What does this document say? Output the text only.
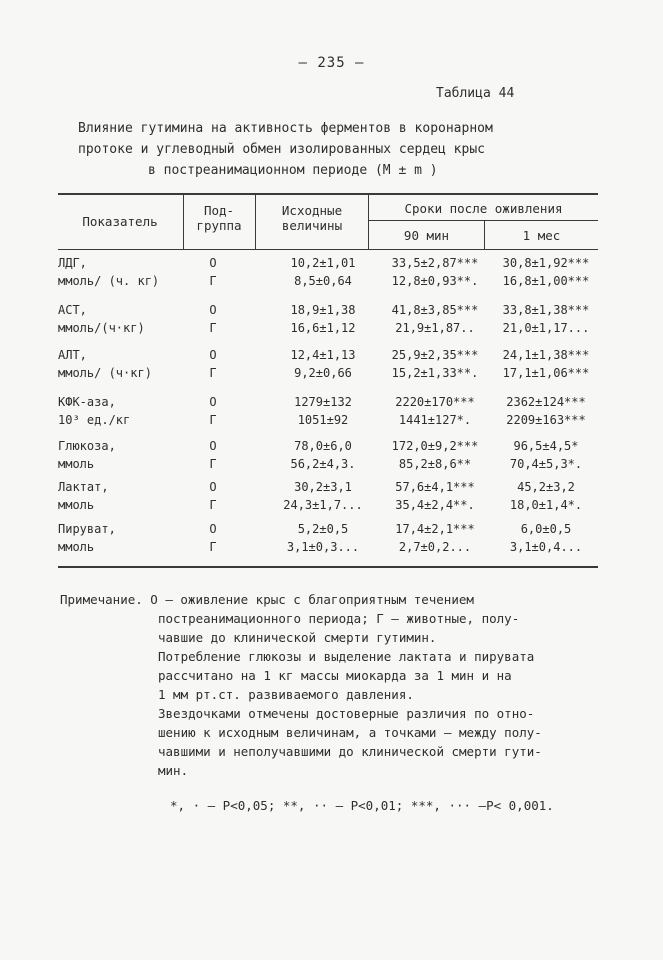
– 235 –
Таблица 44
Влияние гутимина на активность ферментов в коронарном
протоке и углеводный обмен изолированных сердец крыс
в постреанимационном периоде (М ± m )
Показатель
Под-
группа
Исходные
величины
Сроки после оживления
90 мин	1 мес
ЛДГ,
ммоль/ (ч. кг)
О
Г
10,2±1,01
8,5±0,64
33,5±2,87***
12,8±0,93**.
30,8±1,92***
16,8±1,00***
АСТ,
ммоль/(ч·кг)
О
Г
18,9±1,38
16,6±1,12
41,8±3,85***
21,9±1,87..
33,8±1,38***
21,0±1,17...
АЛТ,
ммоль/ (ч·кг)
О
Г
12,4±1,13
9,2±0,66
25,9±2,35***
15,2±1,33**.
24,1±1,38***
17,1±1,06***
КФК-аза,
10³ ед./кг
О
Г
1279±132
1051±92
2220±170***
1441±127*.
2362±124***
2209±163***
Глюкоза,
ммоль
О
Г
78,0±6,0
56,2±4,3.
172,0±9,2***
85,2±8,6**
96,5±4,5*
70,4±5,3*.
Лактат,
ммоль
О
Г
30,2±3,1
24,3±1,7...
57,6±4,1***
35,4±2,4**.
45,2±3,2
18,0±1,4*.
Пируват,
ммоль
О
Г
5,2±0,5
3,1±0,3...
17,4±2,1***
2,7±0,2...
6,0±0,5
3,1±0,4...
Примечание. О – оживление крыс с благоприятным течением
постреанимационного периода; Г – животные, полу-
чавшие до клинической смерти гутимин.
Потребление глюкозы и выделение лактата и пирувата
рассчитано на 1 кг массы миокарда за 1 мин и на
1 мм рт.ст. развиваемого давления.
Звездочками отмечены достоверные различия по отно-
шению к исходным величинам, а точками – между полу-
чавшими и неполучавшими до клинической смерти гути-
мин.
*, · – P<0,05; **, ·· – P<0,01; ***, ··· –P< 0,001.
